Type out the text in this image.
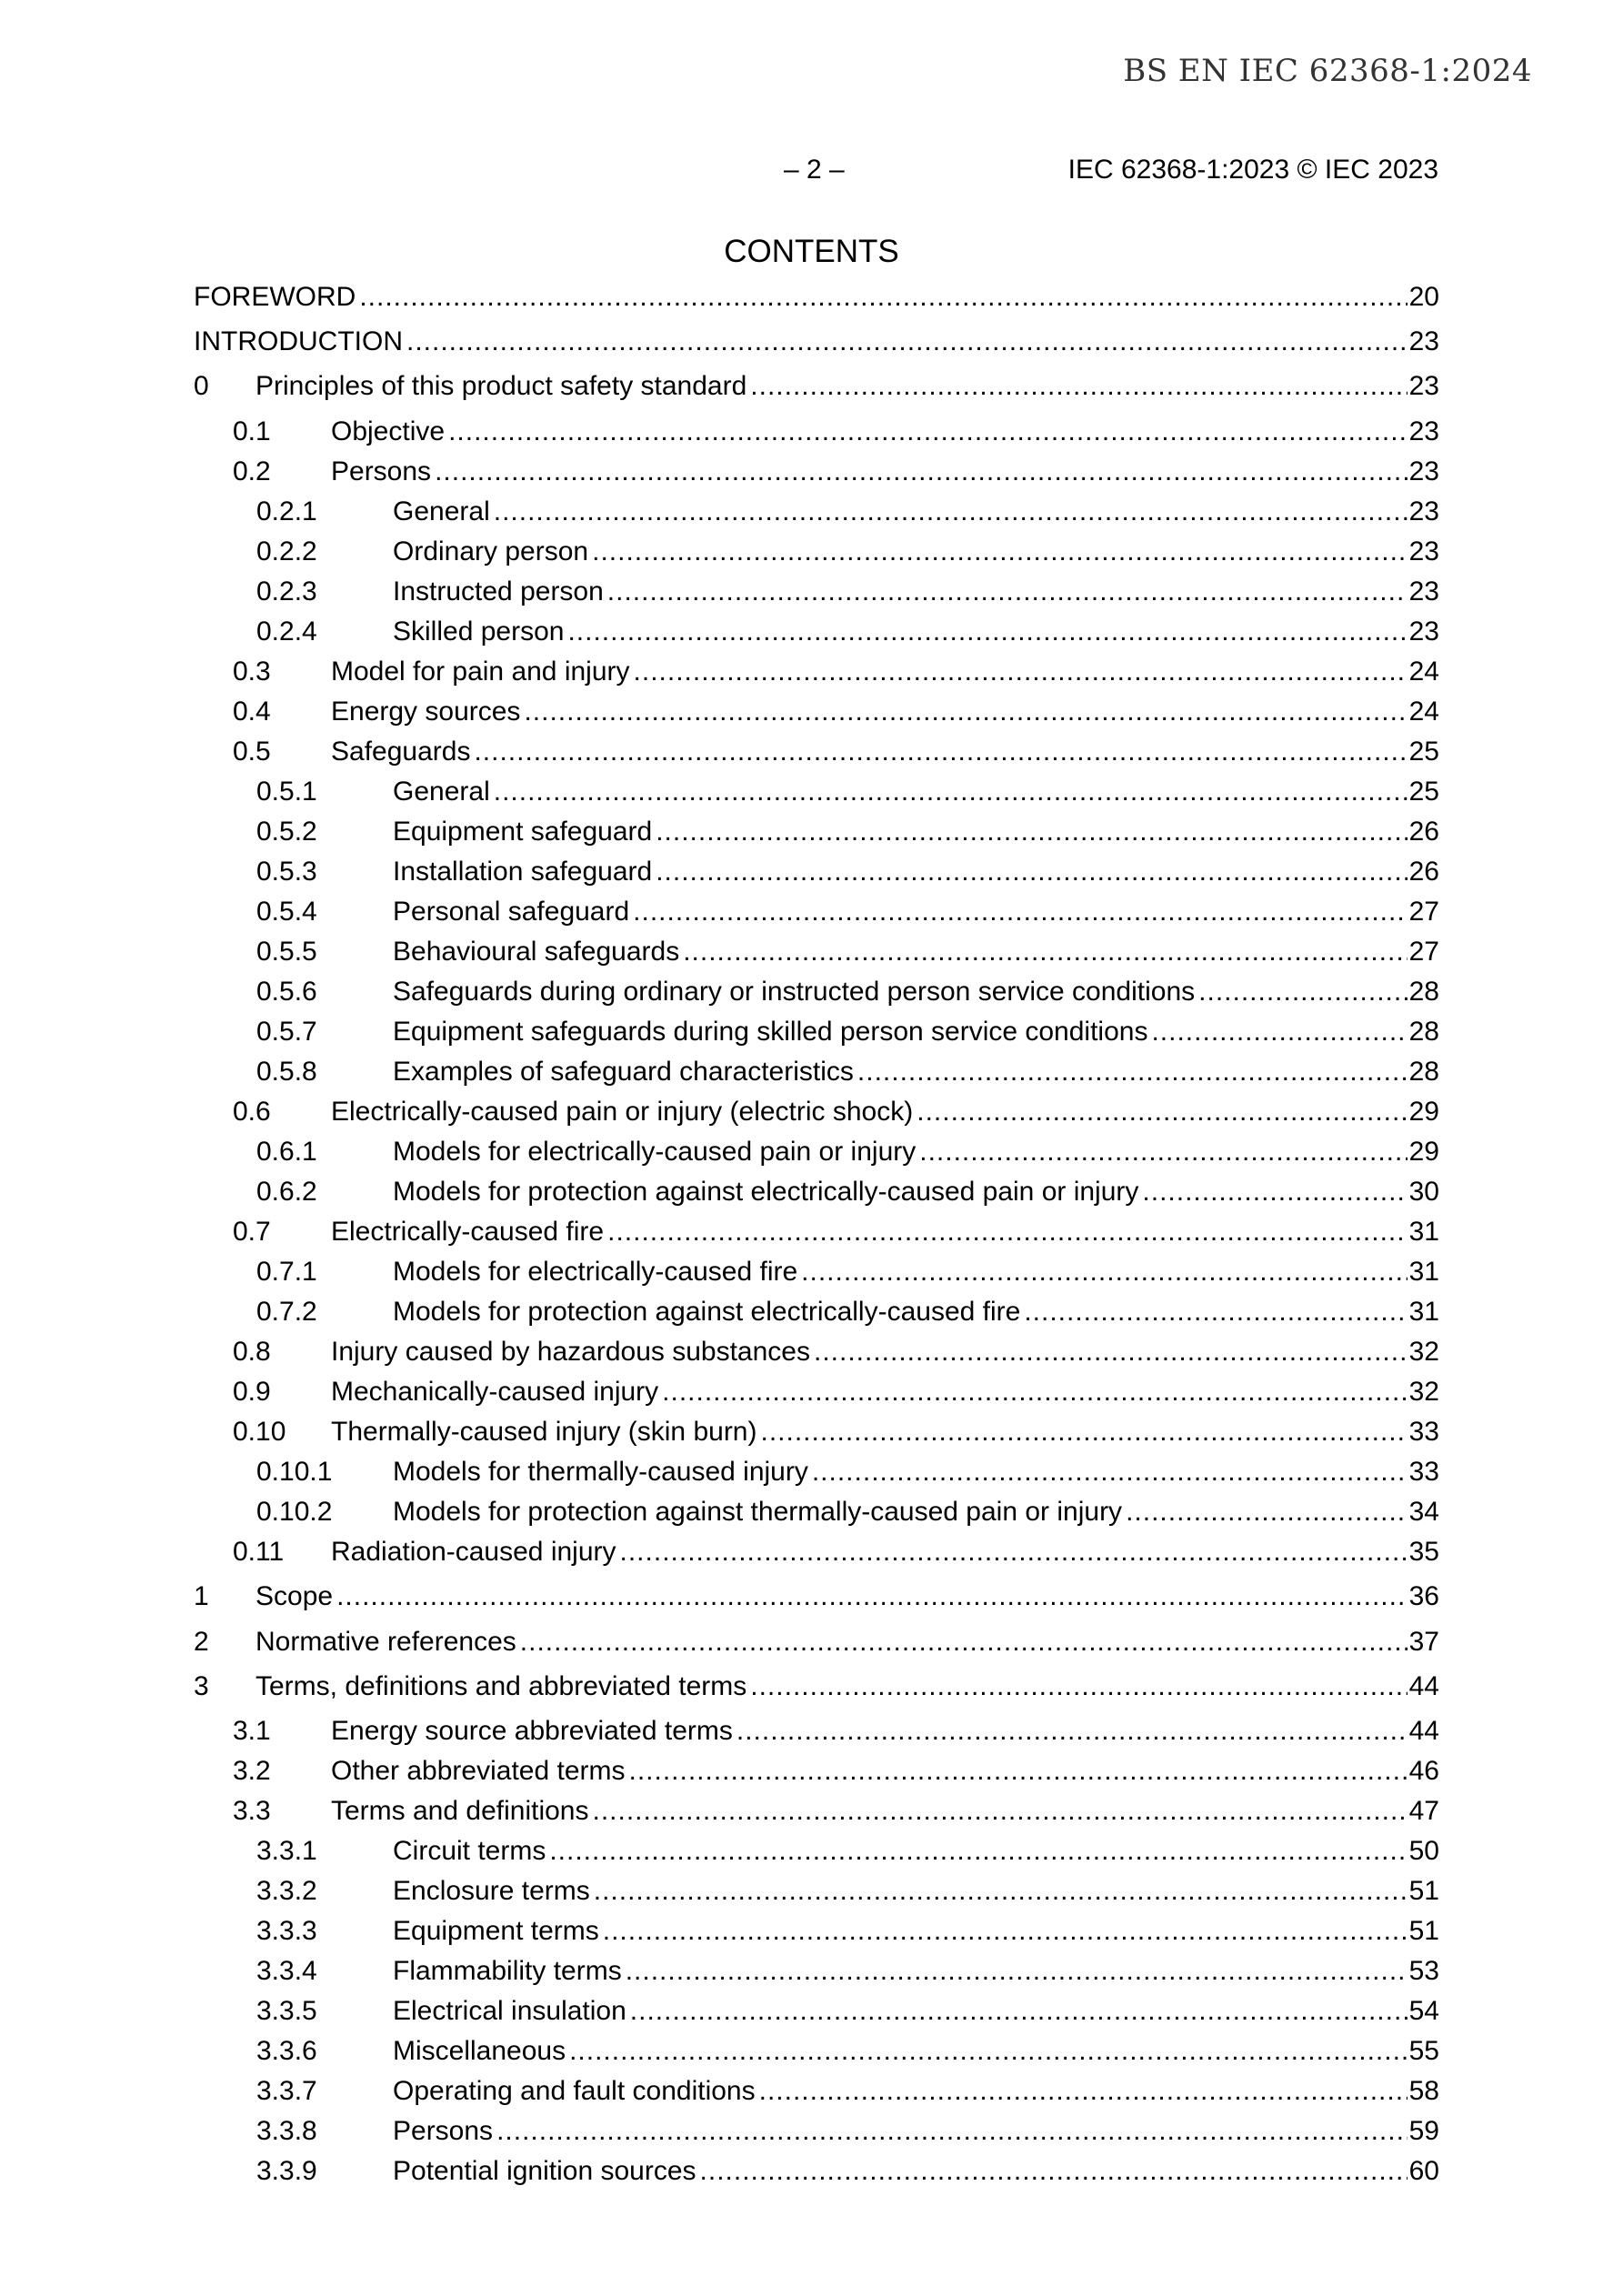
BS EN IEC 62368-1:2024
– 2 –	IEC 62368-1:2023 © IEC 2023
CONTENTS
FOREWORD .....	20
INTRODUCTION .....	23
0	Principles of this product safety standard .....	23
0.1	Objective .....	23
0.2	Persons .....	23
0.2.1	General .....	23
0.2.2	Ordinary person .....	23
0.2.3	Instructed person .....	23
0.2.4	Skilled person .....	23
0.3	Model for pain and injury .....	24
0.4	Energy sources .....	24
0.5	Safeguards .....	25
0.5.1	General .....	25
0.5.2	Equipment safeguard .....	26
0.5.3	Installation safeguard .....	26
0.5.4	Personal safeguard .....	27
0.5.5	Behavioural safeguards .....	27
0.5.6	Safeguards during ordinary or instructed person service conditions .....	28
0.5.7	Equipment safeguards during skilled person service conditions .....	28
0.5.8	Examples of safeguard characteristics .....	28
0.6	Electrically-caused pain or injury (electric shock) .....	29
0.6.1	Models for electrically-caused pain or injury .....	29
0.6.2	Models for protection against electrically-caused pain or injury .....	30
0.7	Electrically-caused fire .....	31
0.7.1	Models for electrically-caused fire .....	31
0.7.2	Models for protection against electrically-caused fire .....	31
0.8	Injury caused by hazardous substances .....	32
0.9	Mechanically-caused injury .....	32
0.10	Thermally-caused injury (skin burn) .....	33
0.10.1	Models for thermally-caused injury .....	33
0.10.2	Models for protection against thermally-caused pain or injury .....	34
0.11	Radiation-caused injury .....	35
1	Scope .....	36
2	Normative references .....	37
3	Terms, definitions and abbreviated terms .....	44
3.1	Energy source abbreviated terms .....	44
3.2	Other abbreviated terms .....	46
3.3	Terms and definitions .....	47
3.3.1	Circuit terms .....	50
3.3.2	Enclosure terms .....	51
3.3.3	Equipment terms .....	51
3.3.4	Flammability terms .....	53
3.3.5	Electrical insulation .....	54
3.3.6	Miscellaneous .....	55
3.3.7	Operating and fault conditions .....	58
3.3.8	Persons .....	59
3.3.9	Potential ignition sources .....	60
